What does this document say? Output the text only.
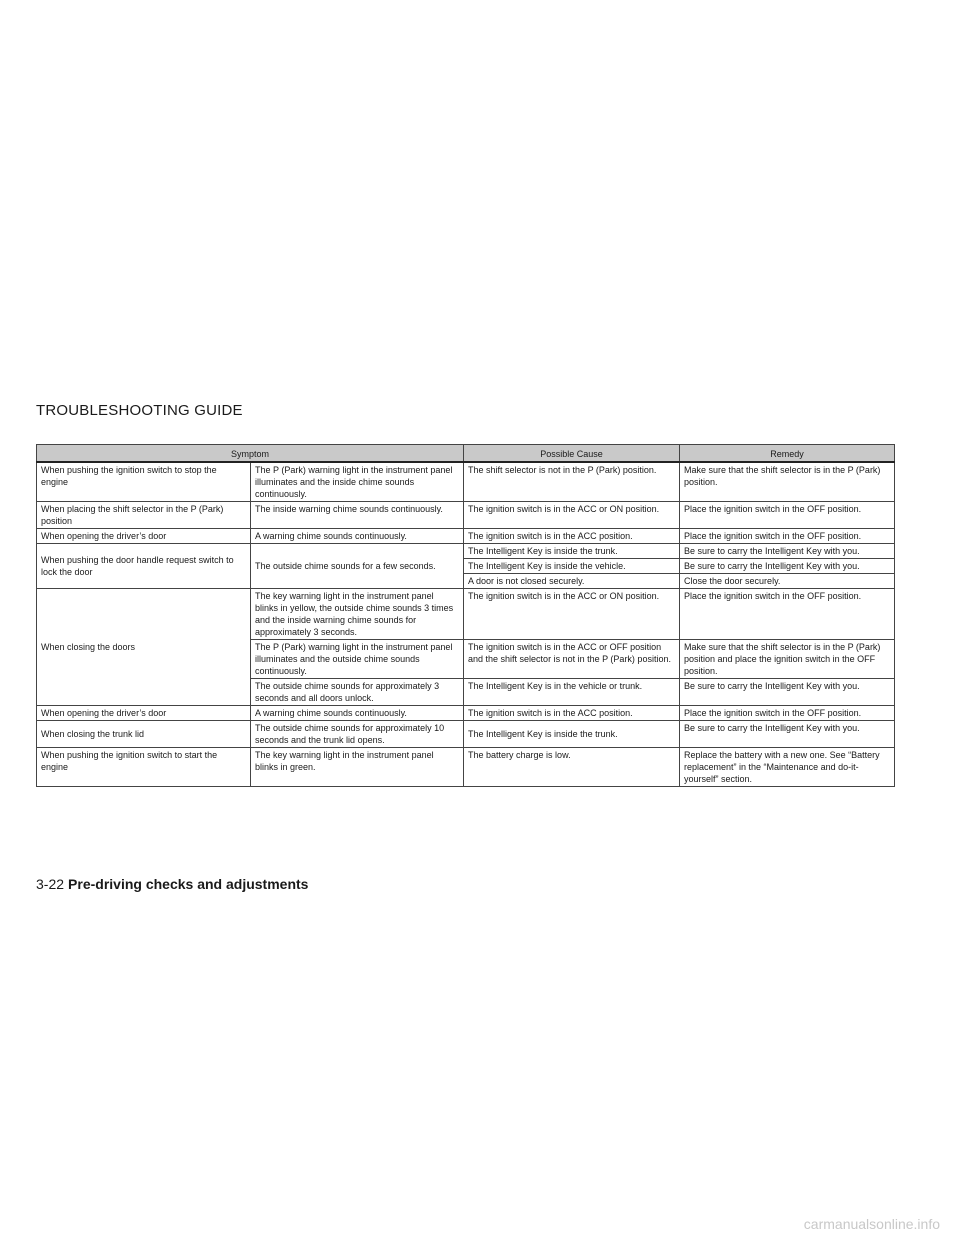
TROUBLESHOOTING GUIDE
Symptom		Possible Cause	Remedy
When pushing the ignition switch to stop the engine	The P (Park) warning light in the instrument panel illuminates and the inside chime sounds continuously.	The shift selector is not in the P (Park) position.	Make sure that the shift selector is in the P (Park) position.
When placing the shift selector in the P (Park) position	The inside warning chime sounds continuously.	The ignition switch is in the ACC or ON position.	Place the ignition switch in the OFF position.
When opening the driver’s door	A warning chime sounds continuously.	The ignition switch is in the ACC position.	Place the ignition switch in the OFF position.
When pushing the door handle request switch to lock the door	The outside chime sounds for a few seconds.	The Intelligent Key is inside the trunk.	Be sure to carry the Intelligent Key with you.
		The Intelligent Key is inside the vehicle.	Be sure to carry the Intelligent Key with you.
		A door is not closed securely.	Close the door securely.
When closing the doors	The key warning light in the instrument panel blinks in yellow, the outside chime sounds 3 times and the inside warning chime sounds for approximately 3 seconds.	The ignition switch is in the ACC or ON position.	Place the ignition switch in the OFF position.
	The P (Park) warning light in the instrument panel illuminates and the outside chime sounds continuously.	The ignition switch is in the ACC or OFF position and the shift selector is not in the P (Park) position.	Make sure that the shift selector is in the P (Park) position and place the ignition switch in the OFF position.
	The outside chime sounds for approximately 3 seconds and all doors unlock.	The Intelligent Key is in the vehicle or trunk.	Be sure to carry the Intelligent Key with you.
When opening the driver’s door	A warning chime sounds continuously.	The ignition switch is in the ACC position.	Place the ignition switch in the OFF position.
When closing the trunk lid	The outside chime sounds for approximately 10 seconds and the trunk lid opens.	The Intelligent Key is inside the trunk.	Be sure to carry the Intelligent Key with you.
When pushing the ignition switch to start the engine	The key warning light in the instrument panel blinks in green.	The battery charge is low.	Replace the battery with a new one. See “Battery replacement” in the “Maintenance and do-it-yourself” section.
3-22 Pre-driving checks and adjustments
carmanualsonline.info
